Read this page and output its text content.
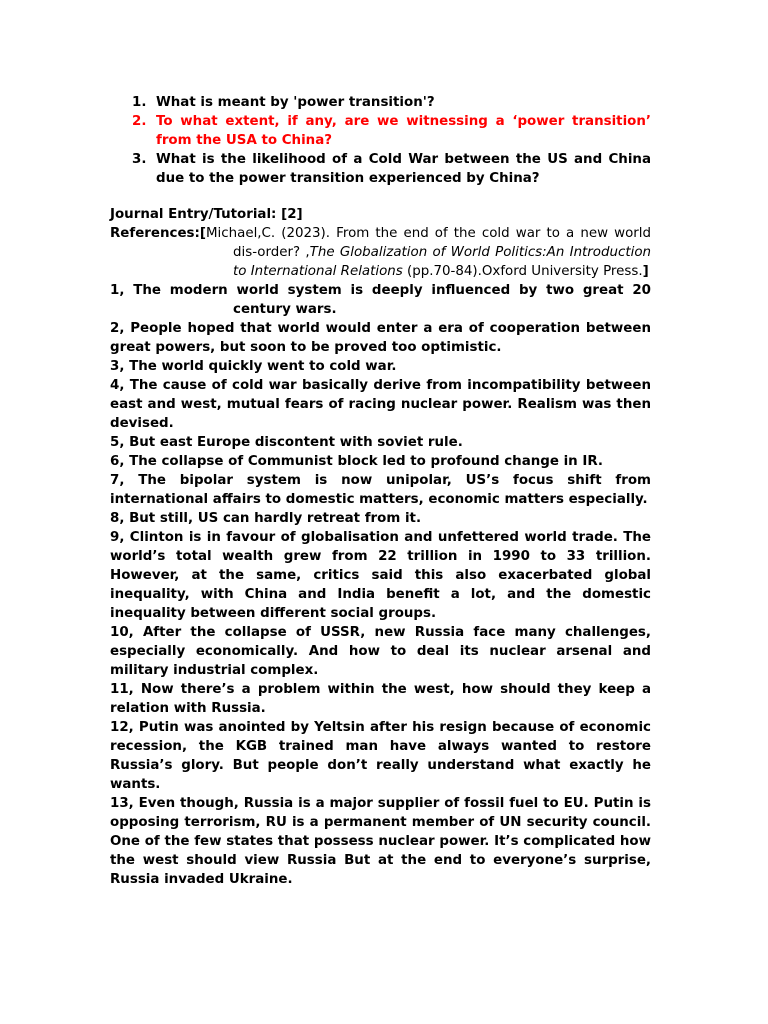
1. What is meant by 'power transition'?
2. To what extent, if any, are we witnessing a ‘power transition’ from the USA to China?
3. What is the likelihood of a Cold War between the US and China due to the power transition experienced by China?
Journal Entry/Tutorial: [2]
References:[Michael,C. (2023). From the end of the cold war to a new world dis-order? ,The Globalization of World Politics:An Introduction to International Relations (pp.70-84).Oxford University Press.]

1, The modern world system is deeply influenced by two great 20 century wars.

2, People hoped that world would enter a era of cooperation between great powers, but soon to be proved too optimistic.

3, The world quickly went to cold war.

4, The cause of cold war basically derive from incompatibility between east and west, mutual fears of racing nuclear power. Realism was then devised.

5, But east Europe discontent with soviet rule.

6, The collapse of Communist block led to profound change in IR.

7, The bipolar system is now unipolar, US’s focus shift from international affairs to domestic matters, economic matters especially.

8, But still, US can hardly retreat from it.

9, Clinton is in favour of globalisation and unfettered world trade. The world’s total wealth grew from 22 trillion in 1990 to 33 trillion. However, at the same, critics said this also exacerbated global inequality, with China and India benefit a lot, and the domestic inequality between different social groups.

10, After the collapse of USSR, new Russia face many challenges, especially economically. And how to deal its nuclear arsenal and military industrial complex.

11, Now there’s a problem within the west, how should they keep a relation with Russia.

12, Putin was anointed by Yeltsin after his resign because of economic recession, the KGB trained man have always wanted to restore Russia’s glory. But people don’t really understand what exactly he wants.

13, Even though, Russia is a major supplier of fossil fuel to EU. Putin is opposing terrorism, RU is a permanent member of UN security council. One of the few states that possess nuclear power. It’s complicated how the west should view Russia But at the end to everyone’s surprise, Russia invaded Ukraine.
